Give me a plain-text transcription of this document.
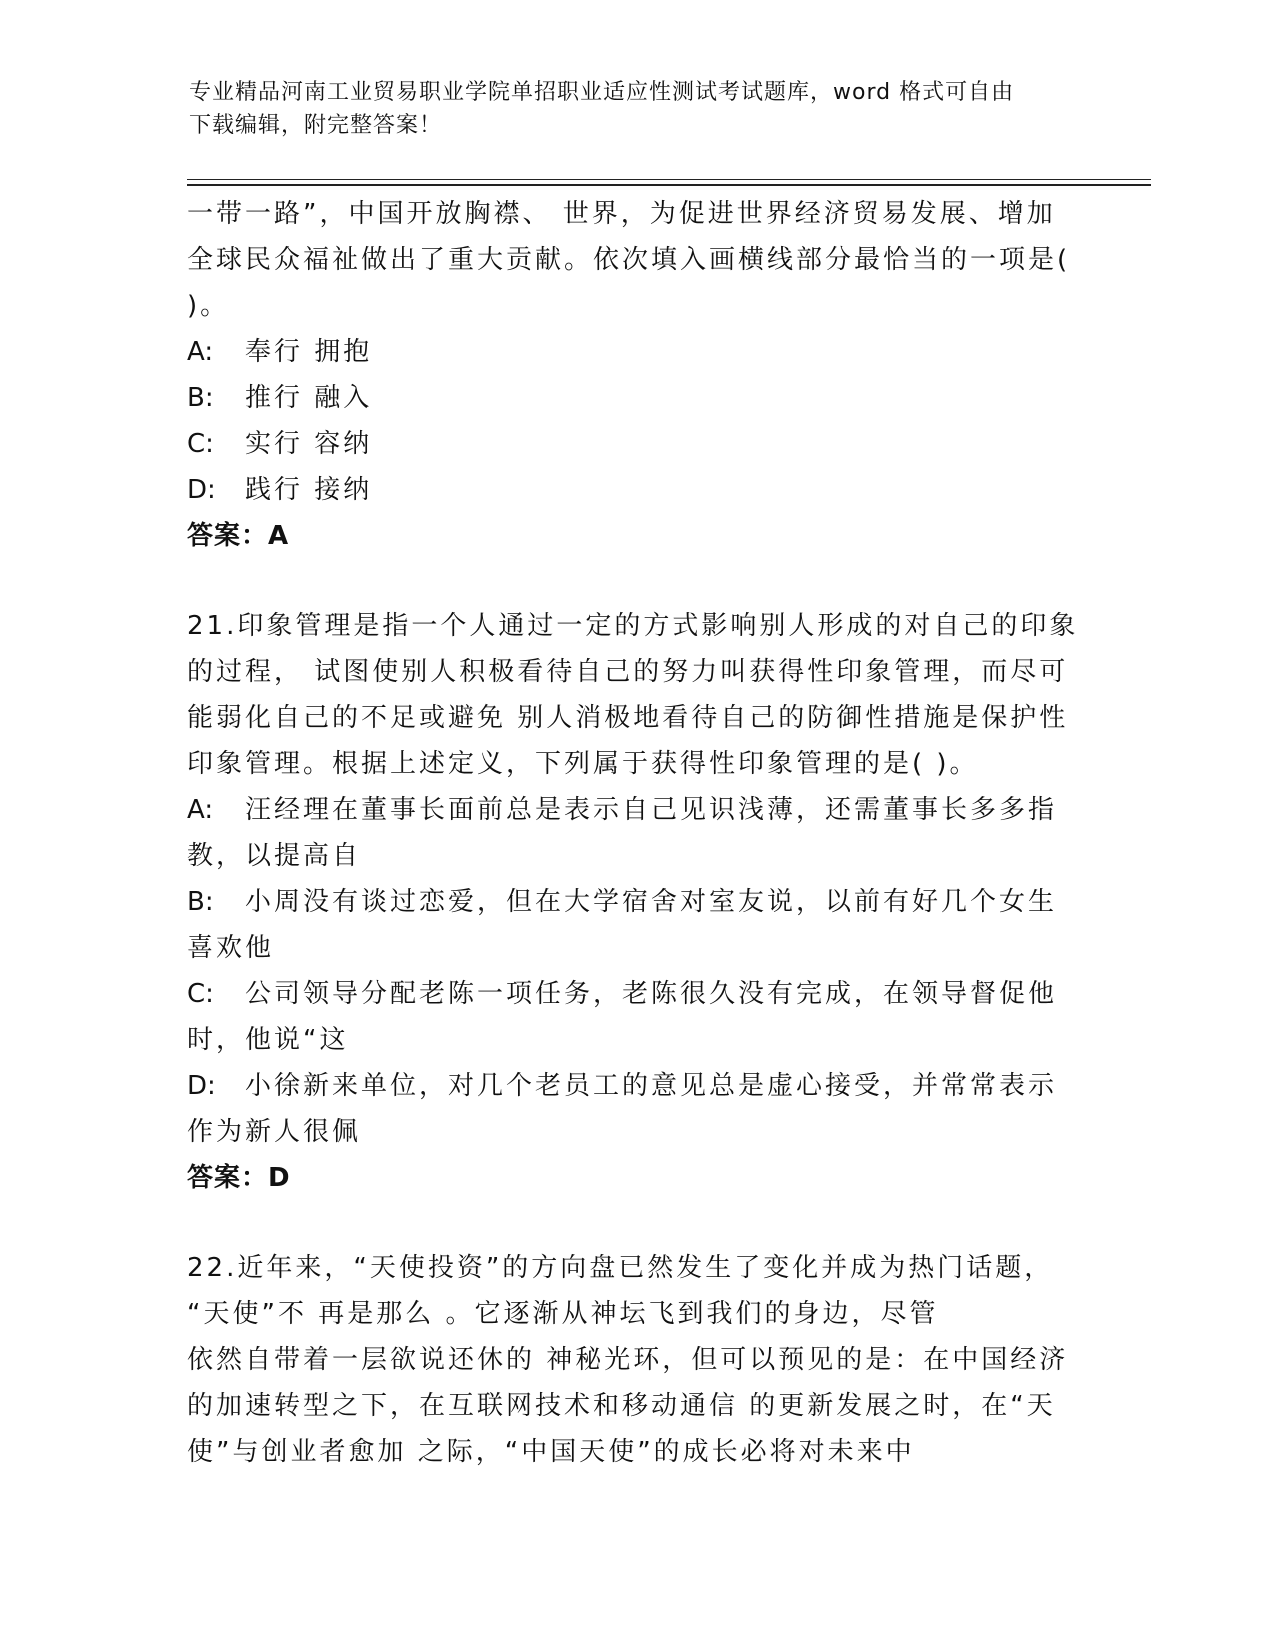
专业精品河南工业贸易职业学院单招职业适应性测试考试题库，word 格式可自由
下载编辑，附完整答案！
一带一路”，中国开放胸襟、 世界，为促进世界经济贸易发展、增加
全球民众福祉做出了重大贡献。依次填入画横线部分最恰当的一项是(
)。
A: 奉行 拥抱
B: 推行 融入
C: 实行 容纳
D: 践行 接纳
答案：A
21.印象管理是指一个人通过一定的方式影响别人形成的对自己的印象
的过程， 试图使别人积极看待自己的努力叫获得性印象管理，而尽可
能弱化自己的不足或避免 别人消极地看待自己的防御性措施是保护性
印象管理。根据上述定义，下列属于获得性印象管理的是( )。
A: 汪经理在董事长面前总是表示自己见识浅薄，还需董事长多多指
教，以提高自
B: 小周没有谈过恋爱，但在大学宿舍对室友说，以前有好几个女生
喜欢他
C: 公司领导分配老陈一项任务，老陈很久没有完成，在领导督促他
时，他说“这
D: 小徐新来单位，对几个老员工的意见总是虚心接受，并常常表示
作为新人很佩
答案：D
22.近年来，“天使投资”的方向盘已然发生了变化并成为热门话题，
“天使”不 再是那么 。它逐渐从神坛飞到我们的身边，尽管
依然自带着一层欲说还休的 神秘光环，但可以预见的是：在中国经济
的加速转型之下，在互联网技术和移动通信 的更新发展之时，在“天
使”与创业者愈加 之际，“中国天使”的成长必将对未来中
